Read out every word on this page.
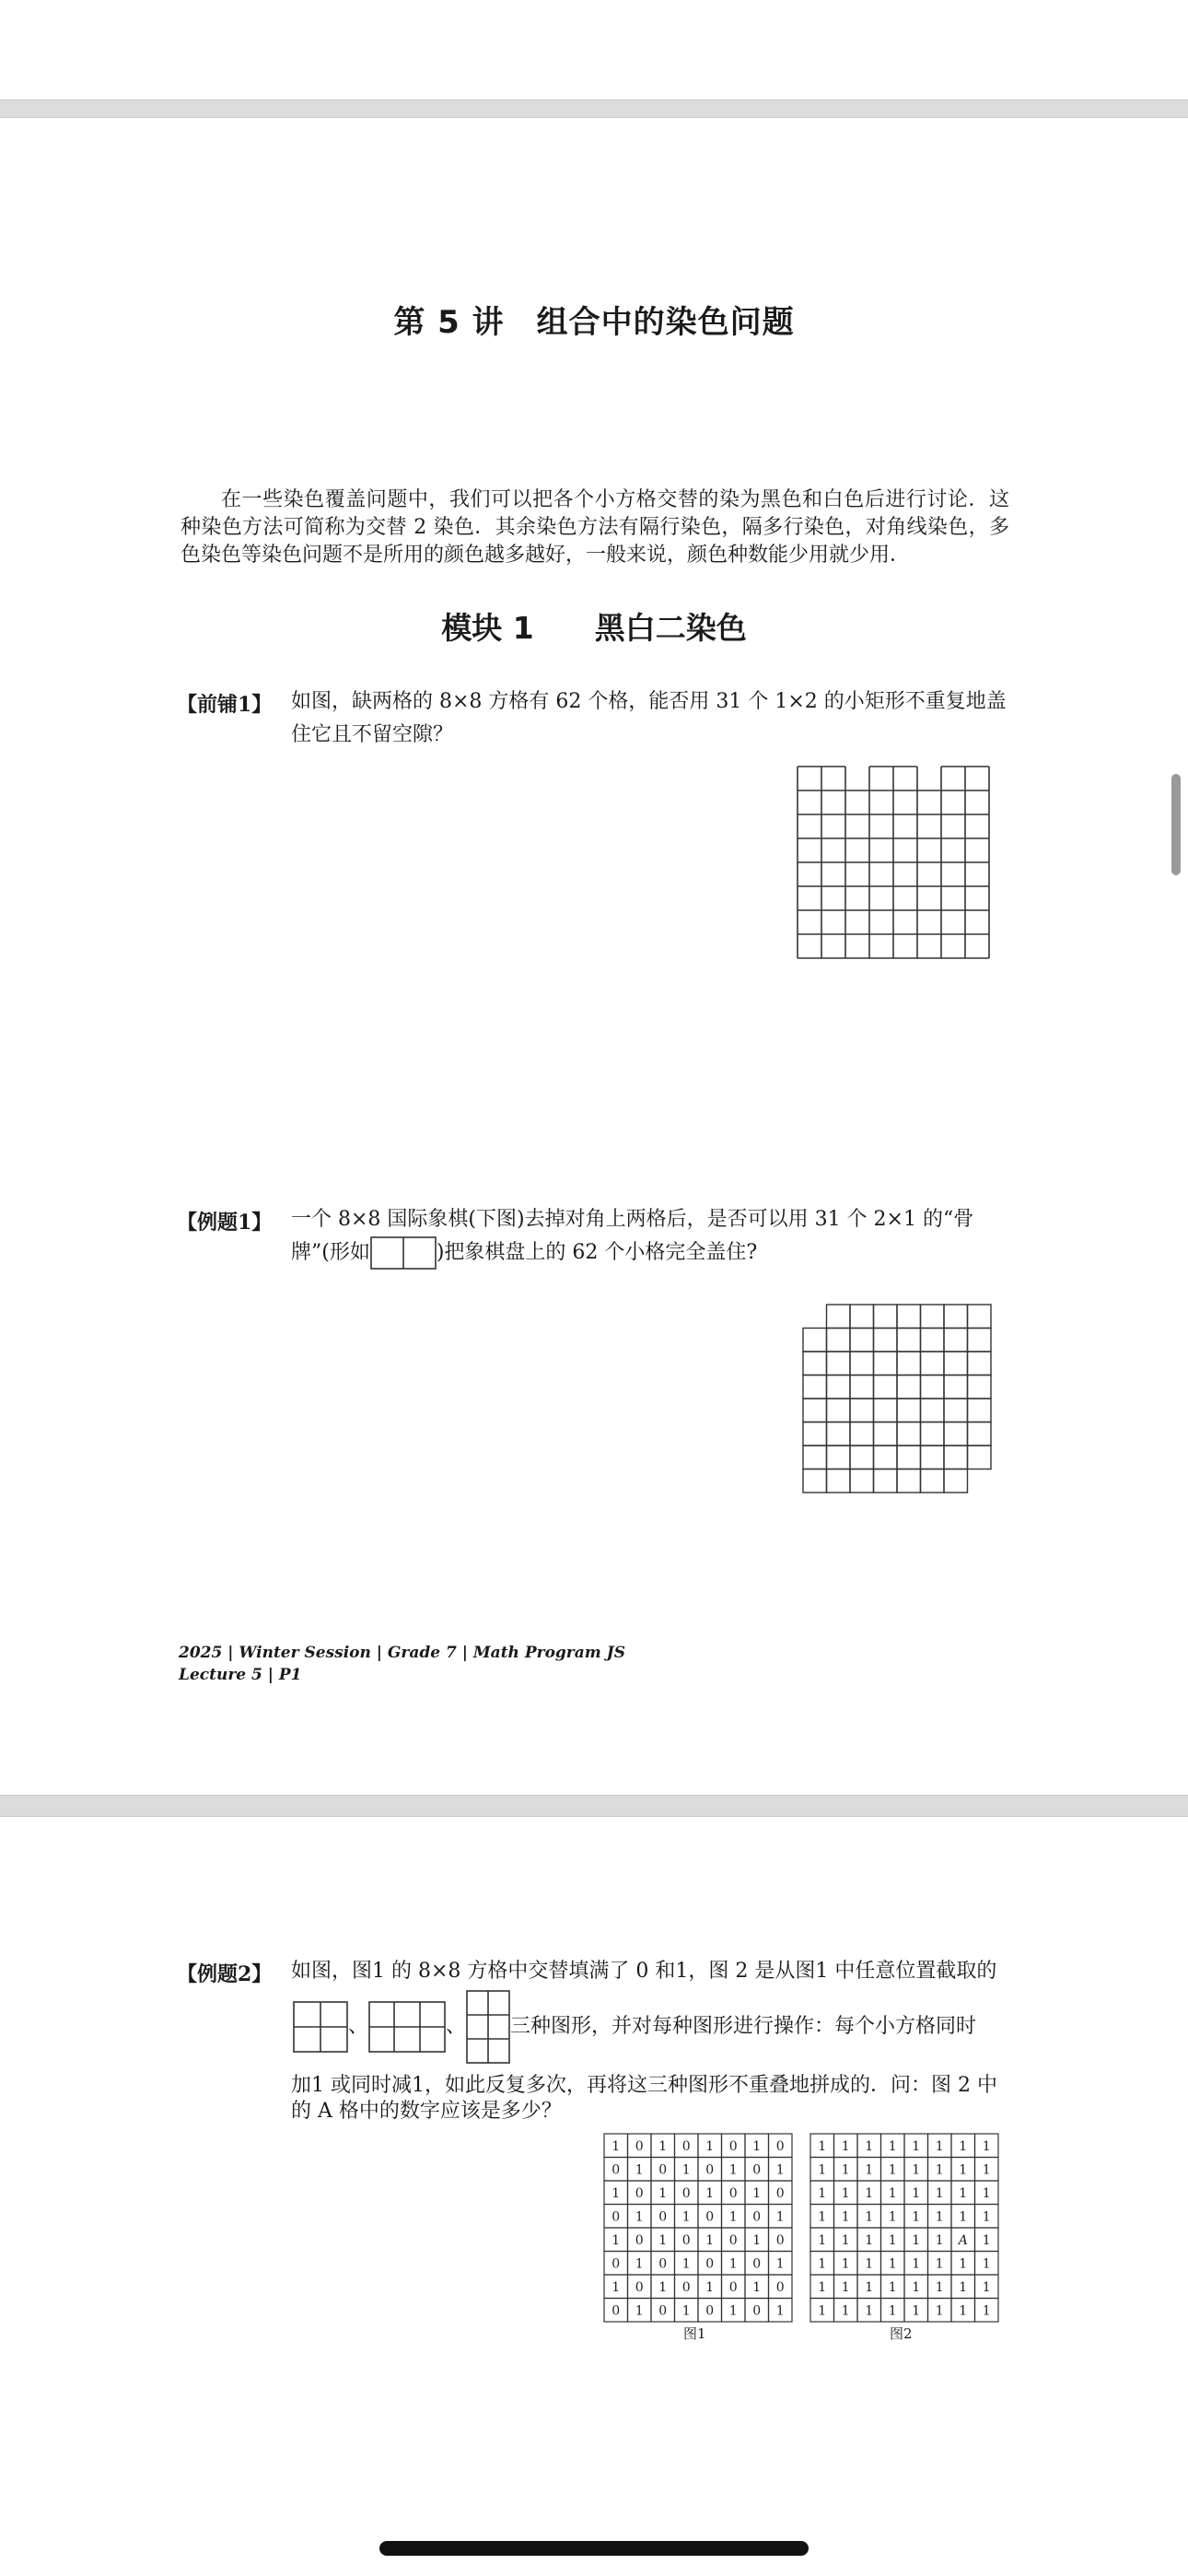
第 5 讲　组合中的染色问题
在一些染色覆盖问题中，我们可以把各个小方格交替的染为黑色和白色后进行讨论．这种染色方法可简称为交替 2 染色．其余染色方法有隔行染色，隔多行染色，对角线染色，多色染色等染色问题不是所用的颜色越多越好，一般来说，颜色种数能少用就少用．
模块 1　　黑白二染色
【前铺1】 如图，缺两格的 8×8 方格有 62 个格，能否用 31 个 1×2 的小矩形不重复地盖住它且不留空隙？
【例题1】 一个 8×8 国际象棋(下图)去掉对角上两格后，是否可以用 31 个 2×1 的“骨牌”(形如	)把象棋盘上的 62 个小格完全盖住?
2025 | Winter Session | Grade 7 | Math Program JS
Lecture 5 | P1
【例题2】 如图，图1 的 8×8 方格中交替填满了 0 和1，图 2 是从图1 中任意位置截取的
、	、 三种图形，并对每种图形进行操作：每个小方格同时
加1 或同时减1，如此反复多次，再将这三种图形不重叠地拼成的．问：图 2 中
的 A 格中的数字应该是多少？
1 0 1 0 1 0 1 0
0 1 0 1 0 1 0 1
1 0 1 0 1 0 1 0
0 1 0 1 0 1 0 1
1 0 1 0 1 0 1 0
0 1 0 1 0 1 0 1
1 0 1 0 1 0 1 0
0 1 0 1 0 1 0 1
图1
1 1 1 1 1 1 1 1
1 1 1 1 1 1 1 1
1 1 1 1 1 1 1 1
1 1 1 1 1 1 1 1
1 1 1 1 1 1 A 1
1 1 1 1 1 1 1 1
1 1 1 1 1 1 1 1
1 1 1 1 1 1 1 1
图2
